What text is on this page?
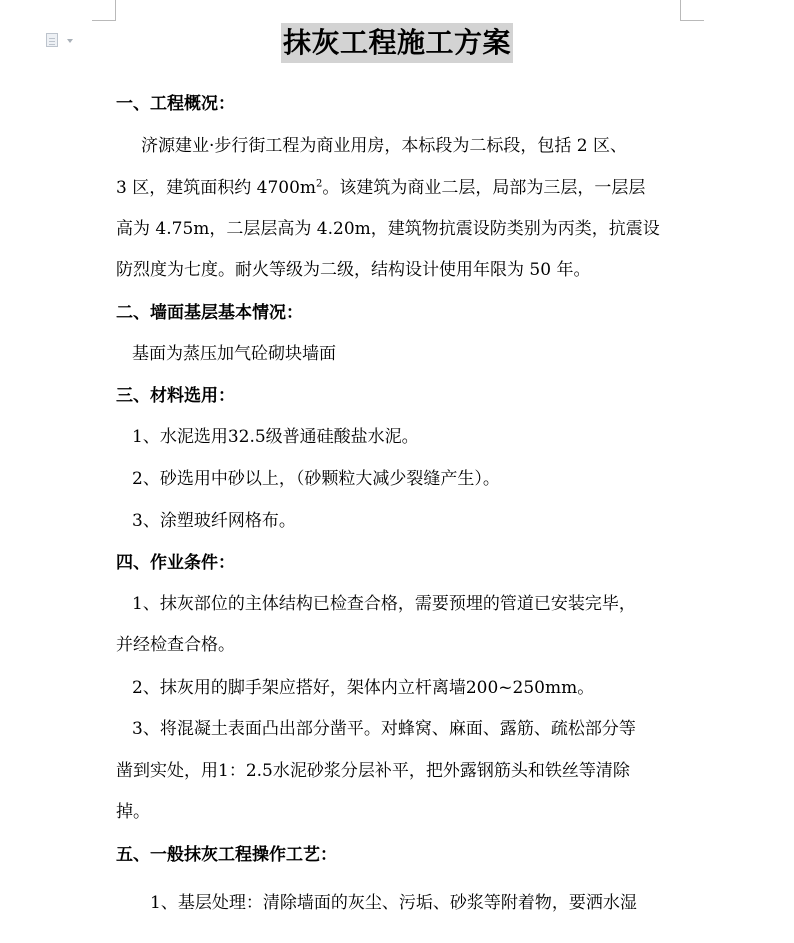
抹灰工程施工方案
一、工程概况：
济源建业·步行街工程为商业用房，本标段为二标段，包括 2 区、
3 区，建筑面积约 $4700m^2$。该建筑为商业二层，局部为三层，一层层
高为 4.75m，二层层高为 4.20m，建筑物抗震设防类别为丙类，抗震设
防烈度为七度。耐火等级为二级，结构设计使用年限为 50 年。
二、墙面基层基本情况：
基面为蒸压加气砼砌块墙面
三、材料选用：
1、水泥选用32.5级普通硅酸盐水泥。
2、砂选用中砂以上，（砂颗粒大减少裂缝产生）。
3、涂塑玻纤网格布。
四、作业条件：
1、抹灰部位的主体结构已检查合格，需要预埋的管道已安装完毕，
并经检查合格。
2、抹灰用的脚手架应搭好，架体内立杆离墙200~250mm。
3、将混凝土表面凸出部分凿平。对蜂窝、麻面、露筋、疏松部分等
凿到实处，用1：2.5水泥砂浆分层补平，把外露钢筋头和铁丝等清除
掉。
五、一般抹灰工程操作工艺：
1、基层处理：清除墙面的灰尘、污垢、砂浆等附着物，要洒水湿
